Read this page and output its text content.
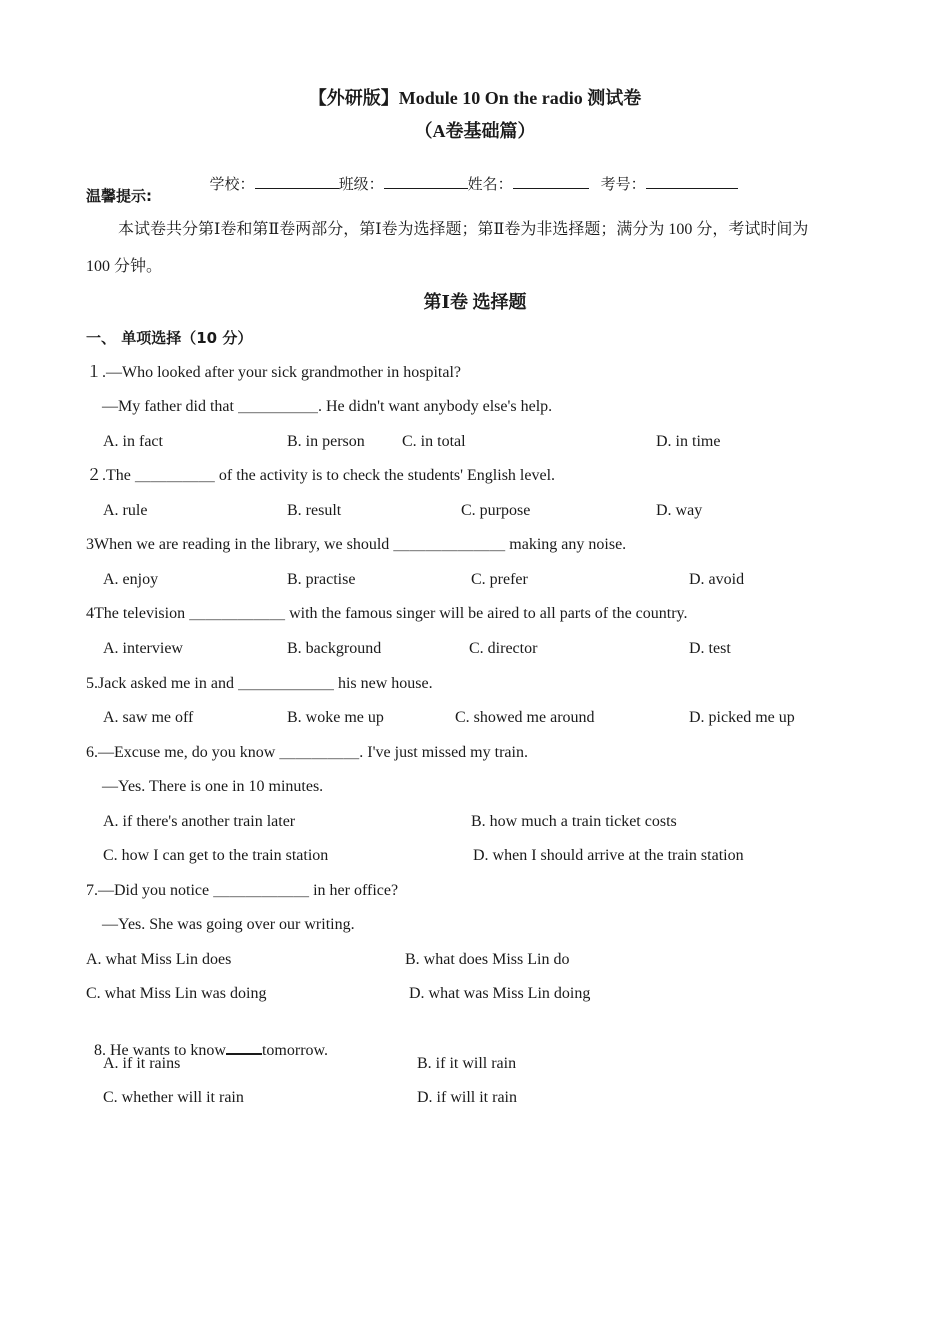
【外研版】Module 10 On the radio 测试卷
（A卷基础篇）

学校：	班级：	姓名：	考号：

温馨提示:
本试卷共分第Ⅰ卷和第Ⅱ卷两部分，第Ⅰ卷为选择题；第Ⅱ卷为非选择题；满分为 100 分，考试时间为
100 分钟。
第Ⅰ卷 选择题
一、 单项选择（10 分）
１.—Who looked after your sick grandmother in hospital?
—My father did that ＿＿＿＿＿. He didn't want anybody else's help.
A. in fact	B. in person C. in total	D. in time
２.The ＿＿＿＿＿ of the activity is to check the students' English level.
A. rule	B. result	C. purpose	D. way
3When we are reading in the library, we should ＿＿＿＿＿＿＿ making any noise.
A. enjoy	B. practise	C. prefer	D. avoid
4The television ＿＿＿＿＿＿ with the famous singer will be aired to all parts of the country.
A. interview	B. background	C. director	D. test
5.Jack asked me in and ＿＿＿＿＿＿ his new house.
A. saw me off	B. woke me up	C. showed me around	D. picked me up
6.—Excuse me, do you know ＿＿＿＿＿. I've just missed my train.
—Yes. There is one in 10 minutes.
A. if there's another train later	B. how much a train ticket costs
C. how I can get to the train station	D. when I should arrive at the train station
7.—Did you notice ＿＿＿＿＿＿ in her office?
—Yes. She was going over our writing.
A. what Miss Lin does	B. what does Miss Lin do
C. what Miss Lin was doing	D. what was Miss Lin doing

8. He wants to know tomorrow.

A. if it rains	B. if it will rain
C. whether will it rain	D. if will it rain
